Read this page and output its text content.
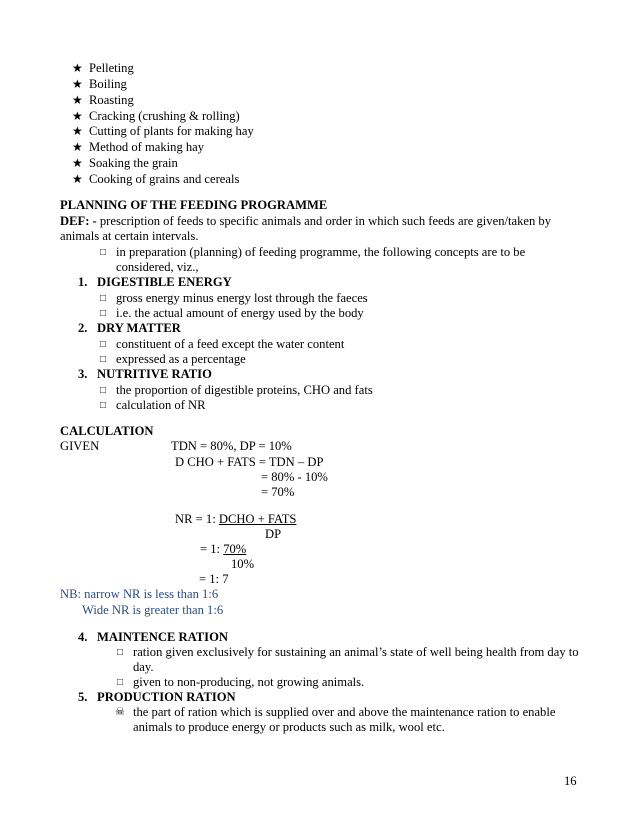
★ Pelleting
★ Boiling
★ Roasting
★ Cracking (crushing & rolling)
★ Cutting of plants for making hay
★ Method of making hay
★ Soaking the grain
★ Cooking of grains and cereals
PLANNING OF THE FEEDING PROGRAMME
DEF: - prescription of feeds to specific animals and order in which such feeds are given/taken by
animals at certain intervals.
□ in preparation (planning) of feeding programme, the following concepts are to be
considered, viz.,
1. DIGESTIBLE ENERGY
□ gross energy minus energy lost through the faeces
□ i.e. the actual amount of energy used by the body
2. DRY MATTER
□ constituent of a feed except the water content
□ expressed as a percentage
3. NUTRITIVE RATIO
□ the proportion of digestible proteins, CHO and fats
□ calculation of NR
CALCULATION
GIVEN	TDN = 80%, DP = 10%
D CHO + FATS = TDN – DP
= 80% - 10%
= 70%
NR = 1: DCHO + FATS
DP
= 1: 70%
10%
= 1: 7
NB: narrow NR is less than 1:6
Wide NR is greater than 1:6
4. MAINTENCE RATION
□ ration given exclusively for sustaining an animal’s state of well being health from day to
day.
□ given to non-producing, not growing animals.
5. PRODUCTION RATION
☠ the part of ration which is supplied over and above the maintenance ration to enable
animals to produce energy or products such as milk, wool etc.
16
